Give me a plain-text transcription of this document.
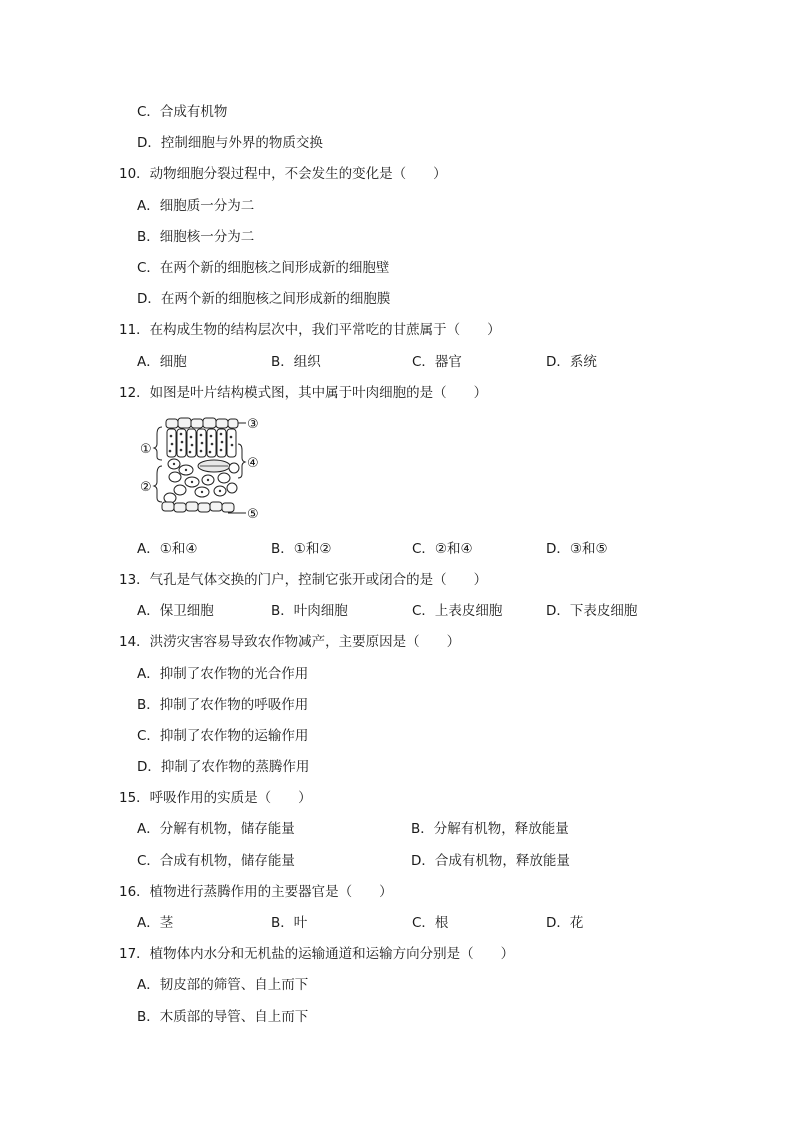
C．合成有机物
D．控制细胞与外界的物质交换
10．动物细胞分裂过程中，不会发生的变化是（　　）
A．细胞质一分为二
B．细胞核一分为二
C．在两个新的细胞核之间形成新的细胞壁
D．在两个新的细胞核之间形成新的细胞膜
11．在构成生物的结构层次中，我们平常吃的甘蔗属于（　　）
A．细胞	B．组织	C．器官	D．系统
12．如图是叶片结构模式图，其中属于叶肉细胞的是（　　）
①
②
③
④
⑤
A．①和④	B．①和②	C．②和④	D．③和⑤
13．气孔是气体交换的门户，控制它张开或闭合的是（　　）
A．保卫细胞	B．叶肉细胞	C．上表皮细胞	D．下表皮细胞
14．洪涝灾害容易导致农作物减产，主要原因是（　　）
A．抑制了农作物的光合作用
B．抑制了农作物的呼吸作用
C．抑制了农作物的运输作用
D．抑制了农作物的蒸腾作用
15．呼吸作用的实质是（　　）
A．分解有机物，储存能量	B．分解有机物，释放能量
C．合成有机物，储存能量	D．合成有机物，释放能量
16．植物进行蒸腾作用的主要器官是（　　）
A．茎	B．叶	C．根	D．花
17．植物体内水分和无机盐的运输通道和运输方向分别是（　　）
A．韧皮部的筛管、自上而下
B．木质部的导管、自上而下
